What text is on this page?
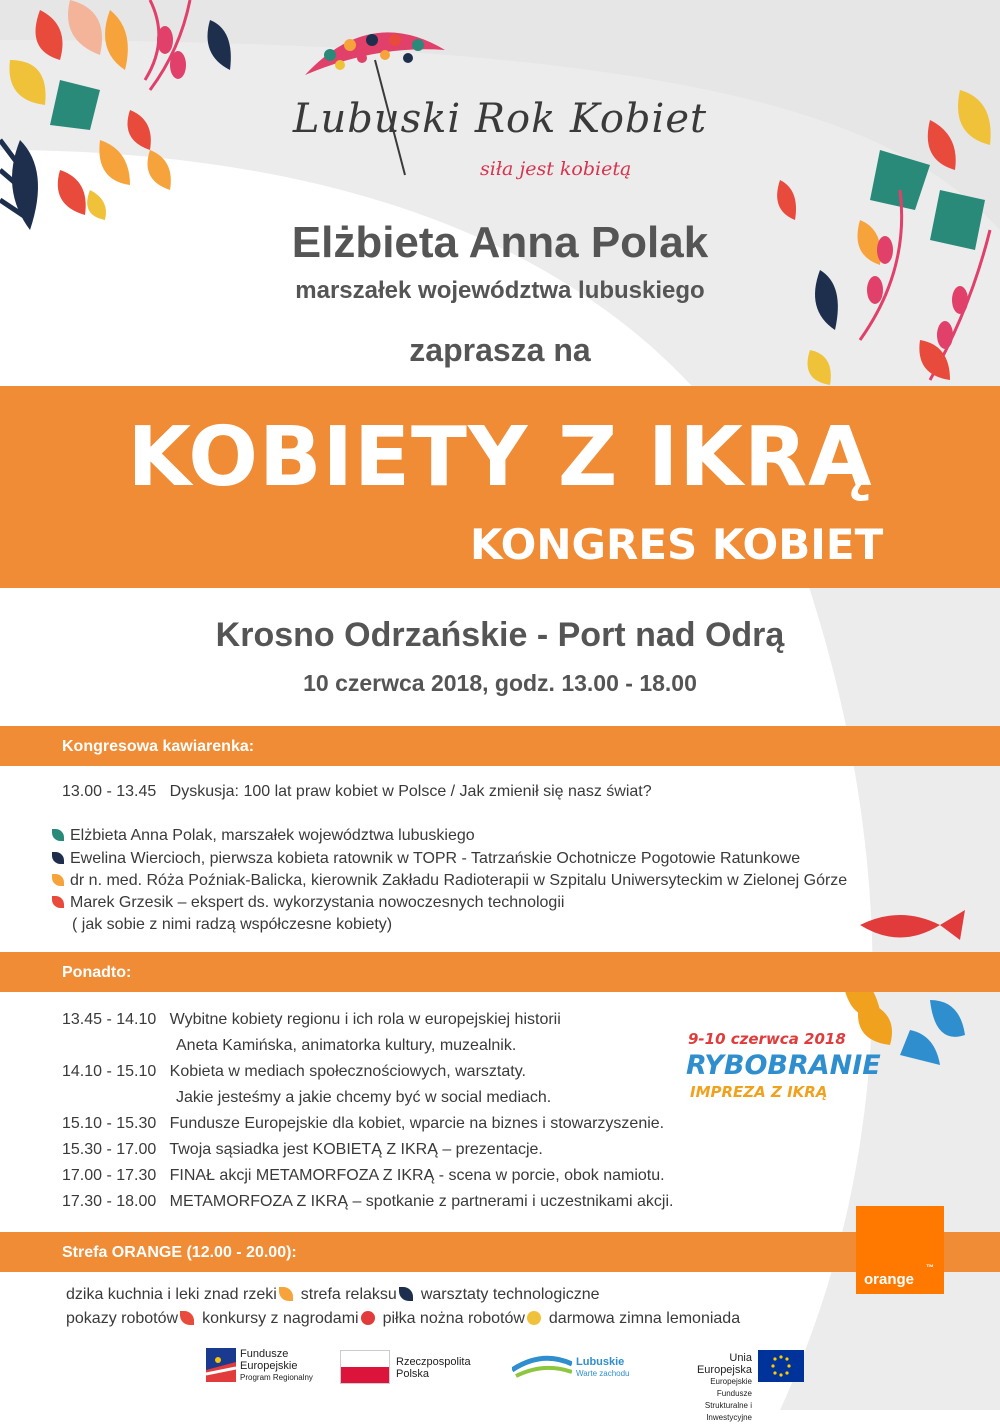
Lubuski Rok Kobiet
siła jest kobietą
Elżbieta Anna Polak
marszałek województwa lubuskiego
zaprasza na
KOBIETY Z IKRĄ
KONGRES KOBIET
Krosno Odrzańskie - Port nad Odrą
10 czerwca 2018, godz. 13.00 - 18.00
Kongresowa kawiarenka:
13.00 - 13.45 Dyskusja: 100 lat praw kobiet w Polsce / Jak zmienił się nasz świat?
Elżbieta Anna Polak, marszałek województwa lubuskiego
Ewelina Wiercioch, pierwsza kobieta ratownik w TOPR - Tatrzańskie Ochotnicze Pogotowie Ratunkowe
dr n. med. Róża Poźniak-Balicka, kierownik Zakładu Radioterapii w Szpitalu Uniwersyteckim w Zielonej Górze
Marek Grzesik – ekspert ds. wykorzystania nowoczesnych technologii
( jak sobie z nimi radzą współczesne kobiety)
Ponadto:
13.45 - 14.10 Wybitne kobiety regionu i ich rola w europejskiej historii
Aneta Kamińska, animatorka kultury, muzealnik.
14.10 - 15.10 Kobieta w mediach społecznościowych, warsztaty.
Jakie jesteśmy a jakie chcemy być w social mediach.
15.10 - 15.30 Fundusze Europejskie dla kobiet, wparcie na biznes i stowarzyszenie.
15.30 - 17.00 Twoja sąsiadka jest KOBIETĄ Z IKRĄ – prezentacje.
17.00 - 17.30 FINAŁ akcji METAMORFOZA Z IKRĄ - scena w porcie, obok namiotu.
17.30 - 18.00 METAMORFOZA Z IKRĄ – spotkanie z partnerami i uczestnikami akcji.
9-10 czerwca 2018
RYBOBRANIE
IMPREZA Z IKRĄ
Strefa ORANGE (12.00 - 20.00):
orange
™
dzika kuchnia i leki znad rzeki strefa relaksu warsztaty technologiczne
pokazy robotów konkursy z nagrodami piłka nożna robotów darmowa zimna lemoniada
Fundusze
Europejskie
Program Regionalny
Rzeczpospolita
Polska
Lubuskie
Warte zachodu
Unia Europejska
Europejskie Fundusze
Strukturalne i Inwestycyjne
